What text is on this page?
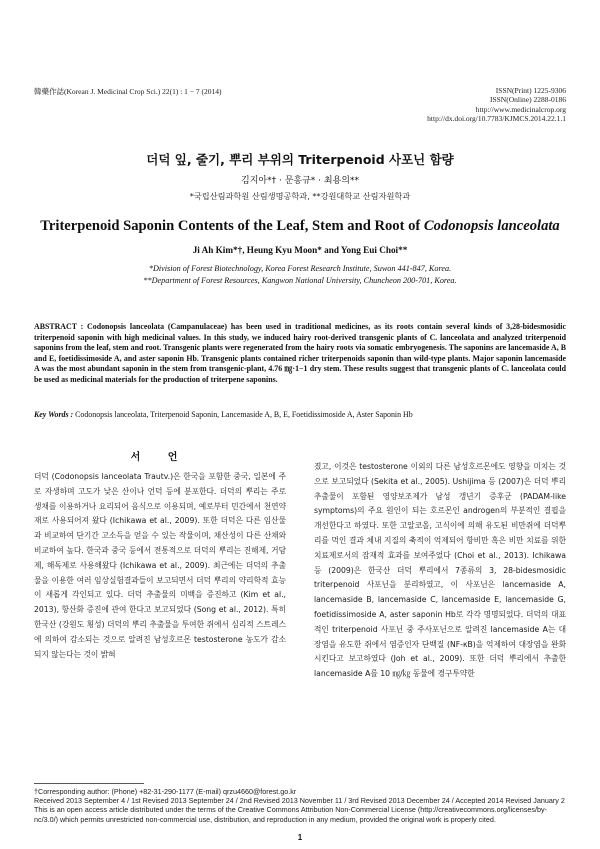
韓藥作誌(Korean J. Medicinal Crop Sci.) 22(1) : 1 − 7 (2014)	ISSN(Print) 1225-9306
ISSN(Online) 2288-0186
http://www.medicinalcrop.org
http://dx.doi.org/10.7783/KJMCS.2014.22.1.1
더덕 잎, 줄기, 뿌리 부위의 Triterpenoid 사포닌 함량
김지아*† · 문흥규* · 최용의**
*국립산림과학원 산림생명공학과, **강원대학교 산림자원학과
Triterpenoid Saponin Contents of the Leaf, Stem and Root of Codonopsis lanceolata
Ji Ah Kim*†, Heung Kyu Moon* and Yong Eui Choi**
*Division of Forest Biotechnology, Korea Forest Research Institute, Suwon 441-847, Korea.
**Department of Forest Resources, Kangwon National University, Chuncheon 200-701, Korea.
ABSTRACT : Codonopsis lanceolata (Campanulaceae) has been used in traditional medicines, as its roots contain several kinds of 3,28-bidesmosidic triterpenoid saponin with high medicinal values. In this study, we induced hairy root-derived transgenic plants of C. lanceolata and analyzed triterpenoid saponins from the leaf, stem and root. Transgenic plants were regenerated from the hairy roots via somatic embryogenesis. The saponins are lancemaside A, B and E, foetidissimoside A, and aster saponin Hb. Transgenic plants contained richer triterpenoids saponin than wild-type plants. Major saponin lancemaside A was the most abundant saponin in the stem from transgenic-plant, 4.76 ㎎·1−1 dry stem. These results suggest that transgenic plants of C. lanceolata could be used as medicinal materials for the production of triterpene saponins.
Key Words : Codonopsis lanceolata, Triterpenoid Saponin, Lancemaside A, B, E, Foetidissimoside A, Aster Saponin Hb
서 언
더덕 (Codonopsis lanceolata Trautv.)은 한국을 포함한 중국, 일본에 주로 자생하며 고도가 낮은 산이나 언덕 등에 분포한다. 더덕의 뿌리는 주로 생채를 이용하거나 요리되어 음식으로 이용되며, 예로부터 민간에서 천연약재로 사용되어져 왔다 (Ichikawa et al., 2009). 또한 더덕은 다른 임산물과 비교하여 단기간 고소득을 얻을 수 있는 작물이며, 채산성이 다른 산채와 비교하여 높다. 한국과 중국 등에서 전통적으로 더덕의 뿌리는 진해제, 거담제, 해독제로 사용해왔다 (Ichikawa et al., 2009). 최근에는 더덕의 추출물을 이용한 여러 임상실험결과들이 보고되면서 더덕 뿌리의 약리학적 효능이 새롭게 각인되고 있다. 더덕 추출물의 미백을 증진하고 (Kim et al., 2013), 항산화 증진에 관여 한다고 보고되었다 (Song et al., 2012). 특히 한국산 (강원도 횡성) 더덕의 뿌리 추출물을 투여한 쥐에서 심리적 스트레스에 의하여 감소되는 것으로 알려진 남성호르몬 testosterone 농도가 감소되지 않는다는 것이 밝혀
졌고, 이것은 testosterone 이외의 다른 남성호르몬에도 영향을 미치는 것으로 보고되었다 (Sekita et al., 2005). Ushijima 등 (2007)은 더덕 뿌리추출물이 포함된 영양보조제가 남성 갱년기 증후군 (PADAM-like symptoms)의 주요 원인이 되는 호르몬인 androgen의 부분적인 결핍을 개선한다고 하였다. 또한 고알코올, 고식이에 의해 유도된 비만쥐에 더덕뿌리를 먹인 결과 체내 지질의 축적이 억제되어 항비만 혹은 비만 치료를 위한 치료제로서의 잠재적 효과를 보여주었다 (Choi et al., 2013). Ichikawa 등 (2009)은 한국산 더덕 뿌리에서 7종류의 3, 28-bidesmosidic triterpenoid 사포닌을 분리하였고, 이 사포닌은 lancemaside A, lancemaside B, lancemaside C, lancemaside E, lancemaside G, foetidissimoside A, aster saponin Hb로 각각 명명되었다. 더덕의 대표적인 triterpenoid 사포닌 중 주사포닌으로 알려진 lancemaside A는 대장염을 유도한 쥐에서 염증인자 단백질 (NF-κB)을 억제하여 대장염을 완화시킨다고 보고하였다 (Joh et al., 2009). 또한 더덕 뿌리에서 추출한 lancemaside A를 10 ㎎/㎏ 동물에 경구투약한
†Corresponding author: (Phone) +82-31-290-1177 (E-mail) qrzu4660@forest.go.kr
Received 2013 September 4 / 1st Revised 2013 September 24 / 2nd Revised 2013 November 11 / 3rd Revised 2013 December 24 / Accepted 2014 Revised January 2
This is an open access article distributed under the terms of the Creative Commons Attribution Non-Commercial License (http://creativecommons.org/licenses/by-nc/3.0/) which permits unrestricted non-commercial use, distribution, and reproduction in any medium, provided the original work is properly cited.
1
